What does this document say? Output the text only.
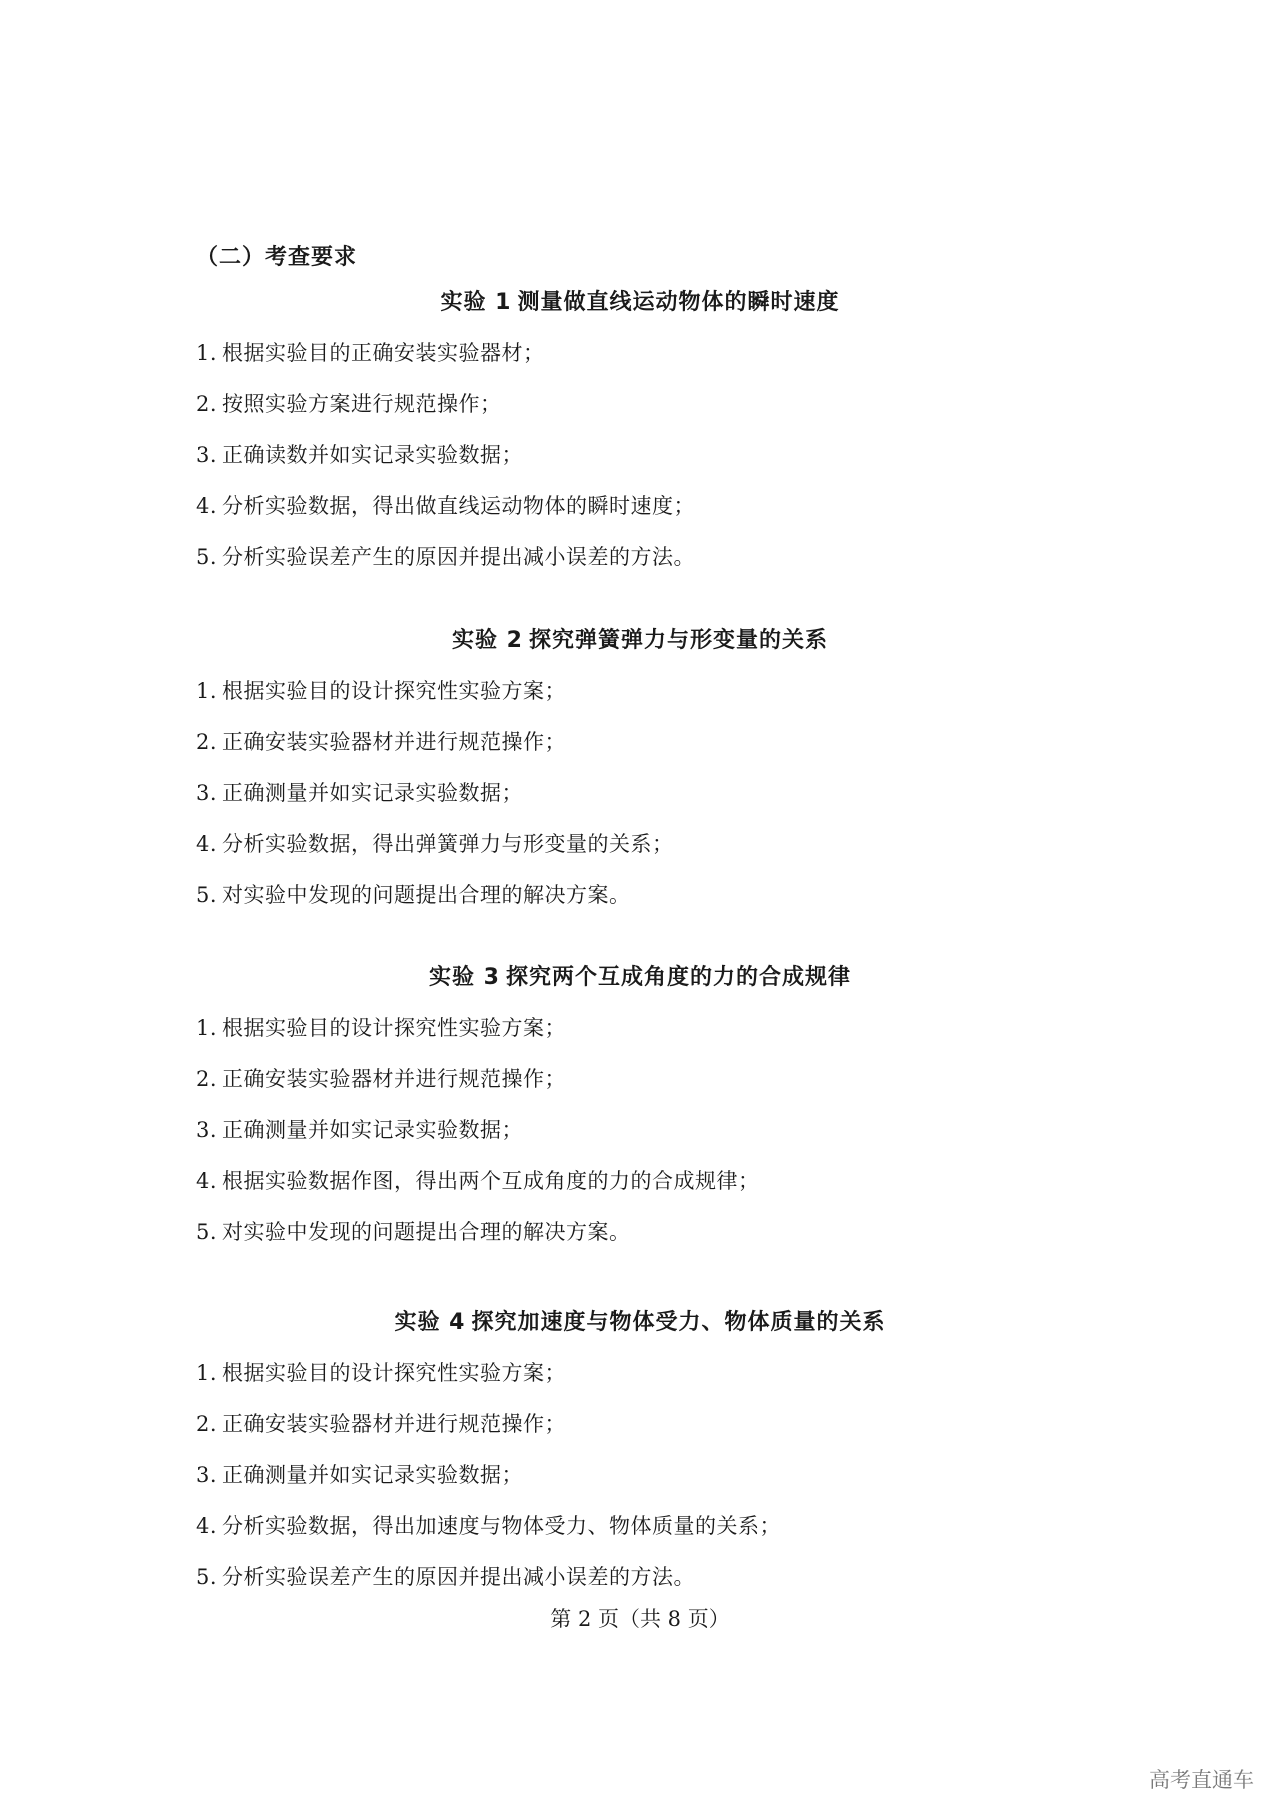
（二）考查要求
实验 1 测量做直线运动物体的瞬时速度
1. 根据实验目的正确安装实验器材；
2. 按照实验方案进行规范操作；
3. 正确读数并如实记录实验数据；
4. 分析实验数据，得出做直线运动物体的瞬时速度；
5. 分析实验误差产生的原因并提出减小误差的方法。
实验 2 探究弹簧弹力与形变量的关系
1. 根据实验目的设计探究性实验方案；
2. 正确安装实验器材并进行规范操作；
3. 正确测量并如实记录实验数据；
4. 分析实验数据，得出弹簧弹力与形变量的关系；
5. 对实验中发现的问题提出合理的解决方案。
实验 3 探究两个互成角度的力的合成规律
1. 根据实验目的设计探究性实验方案；
2. 正确安装实验器材并进行规范操作；
3. 正确测量并如实记录实验数据；
4. 根据实验数据作图，得出两个互成角度的力的合成规律；
5. 对实验中发现的问题提出合理的解决方案。
实验 4 探究加速度与物体受力、物体质量的关系
1. 根据实验目的设计探究性实验方案；
2. 正确安装实验器材并进行规范操作；
3. 正确测量并如实记录实验数据；
4. 分析实验数据，得出加速度与物体受力、物体质量的关系；
5. 分析实验误差产生的原因并提出减小误差的方法。
第 2 页（共 8 页）
高考直通车
